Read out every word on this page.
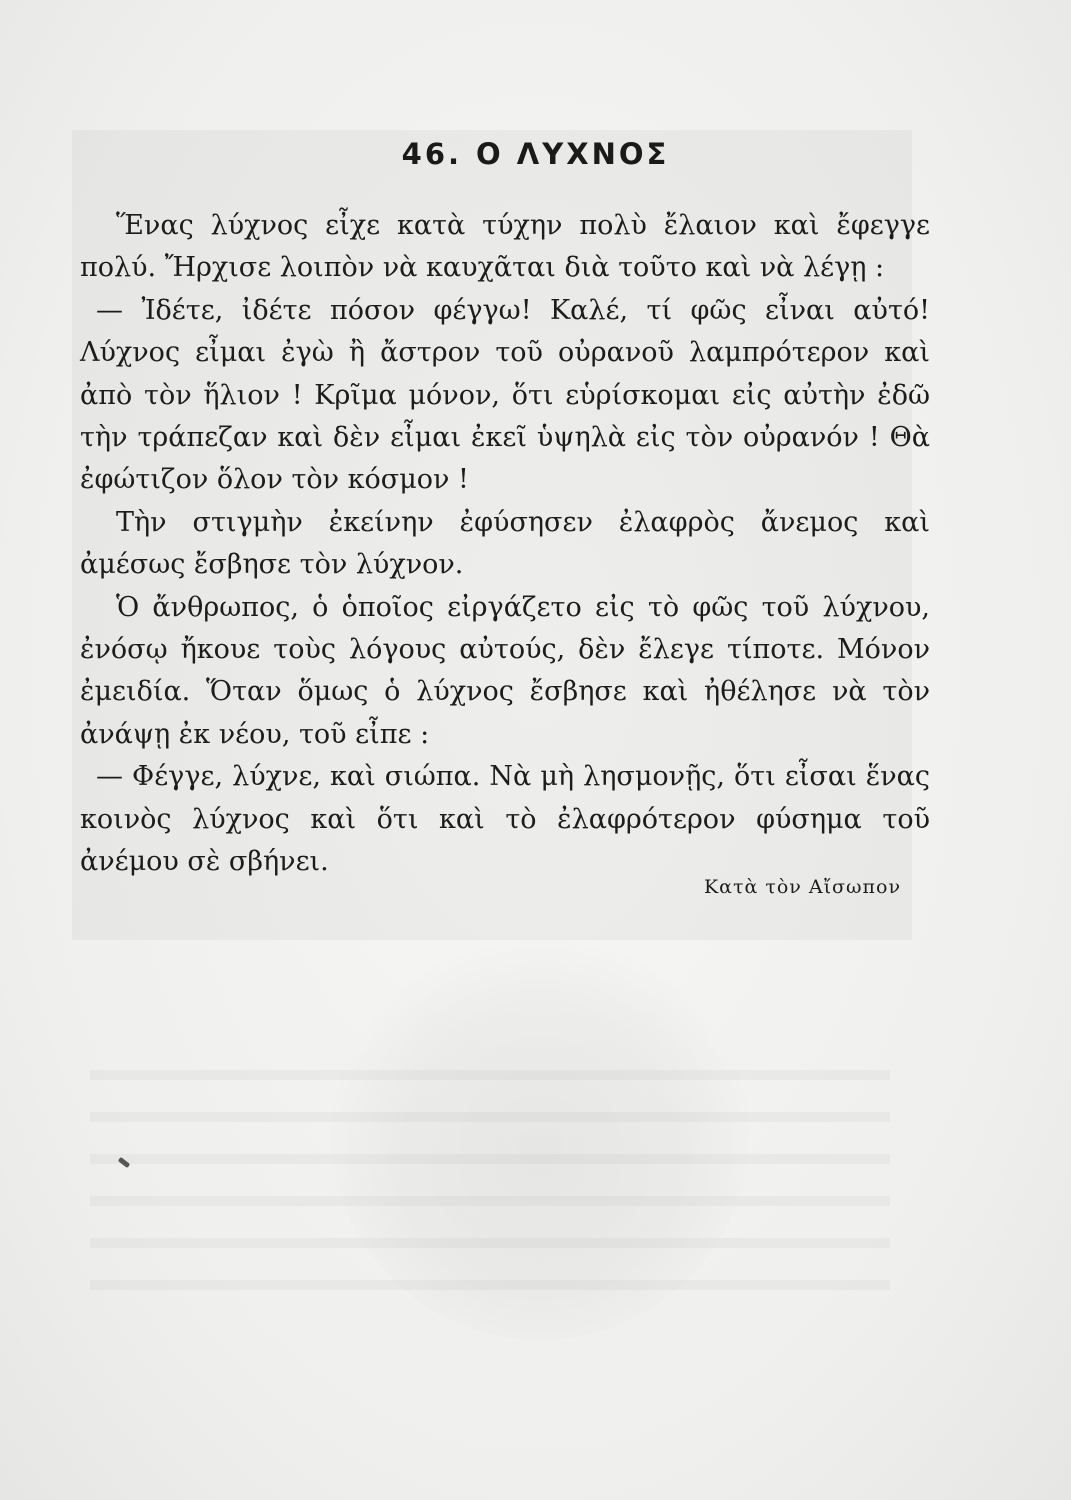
46. Ο ΛΥΧΝΟΣ

Ἕνας λύχνος εἶχε κατὰ τύχην πολὺ ἔλαιον καὶ ἔφεγγε πολύ. Ἤρχισε λοιπὸν νὰ καυχᾶται διὰ τοῦτο καὶ νὰ λέγῃ :

— Ἰδέτε, ἰδέτε πόσον φέγγω! Καλέ, τί φῶς εἶναι αὐτό! Λύχνος εἶμαι ἐγὼ ἢ ἄστρον τοῦ οὐρανοῦ λαμπρότερον καὶ ἀπὸ τὸν ἥλιον ! Κρῖμα μόνον, ὅτι εὑρίσκομαι εἰς αὐτὴν ἐδῶ τὴν τράπεζαν καὶ δὲν εἶμαι ἐκεῖ ὑψηλὰ εἰς τὸν οὐρανόν ! Θὰ ἐφώτιζον ὅλον τὸν κόσμον !

Τὴν στιγμὴν ἐκείνην ἐφύσησεν ἐλαφρὸς ἄνεμος καὶ ἀμέσως ἔσβησε τὸν λύχνον.

Ὁ ἄνθρωπος, ὁ ὁποῖος εἰργάζετο εἰς τὸ φῶς τοῦ λύχνου, ἐνόσῳ ἤκουε τοὺς λόγους αὐτούς, δὲν ἔλεγε τίποτε. Μόνον ἐμειδία. Ὅταν ὅμως ὁ λύχνος ἔσβησε καὶ ἠθέλησε νὰ τὸν ἀνάψῃ ἐκ νέου, τοῦ εἶπε :

— Φέγγε, λύχνε, καὶ σιώπα. Νὰ μὴ λησμονῇς, ὅτι εἶσαι ἕνας κοινὸς λύχνος καὶ ὅτι καὶ τὸ ἐλαφρότερον φύσημα τοῦ ἀνέμου σὲ σβήνει.

Κατὰ τὸν Αἴσωπον
